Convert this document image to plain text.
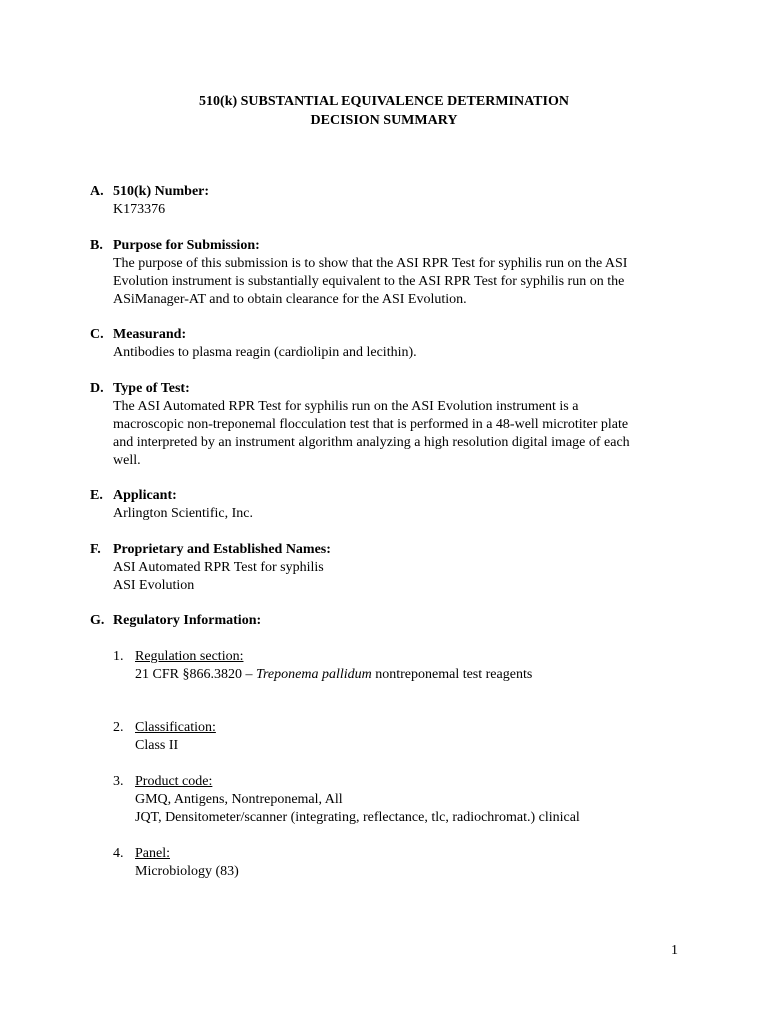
510(k) SUBSTANTIAL EQUIVALENCE DETERMINATION
DECISION SUMMARY
A. 510(k) Number:
K173376
B. Purpose for Submission:
The purpose of this submission is to show that the ASI RPR Test for syphilis run on the ASI
Evolution instrument is substantially equivalent to the ASI RPR Test for syphilis run on the
ASiManager-AT and to obtain clearance for the ASI Evolution.
C. Measurand:
Antibodies to plasma reagin (cardiolipin and lecithin).
D. Type of Test:
The ASI Automated RPR Test for syphilis run on the ASI Evolution instrument is a
macroscopic non-treponemal flocculation test that is performed in a 48-well microtiter plate
and interpreted by an instrument algorithm analyzing a high resolution digital image of each
well.
E. Applicant:
Arlington Scientific, Inc.
F. Proprietary and Established Names:
ASI Automated RPR Test for syphilis
ASI Evolution
G. Regulatory Information:
1. Regulation section:
21 CFR §866.3820 – Treponema pallidum nontreponemal test reagents
2. Classification:
Class II
3. Product code:
GMQ, Antigens, Nontreponemal, All
JQT, Densitometer/scanner (integrating, reflectance, tlc, radiochromat.) clinical
4. Panel:
Microbiology (83)
1
